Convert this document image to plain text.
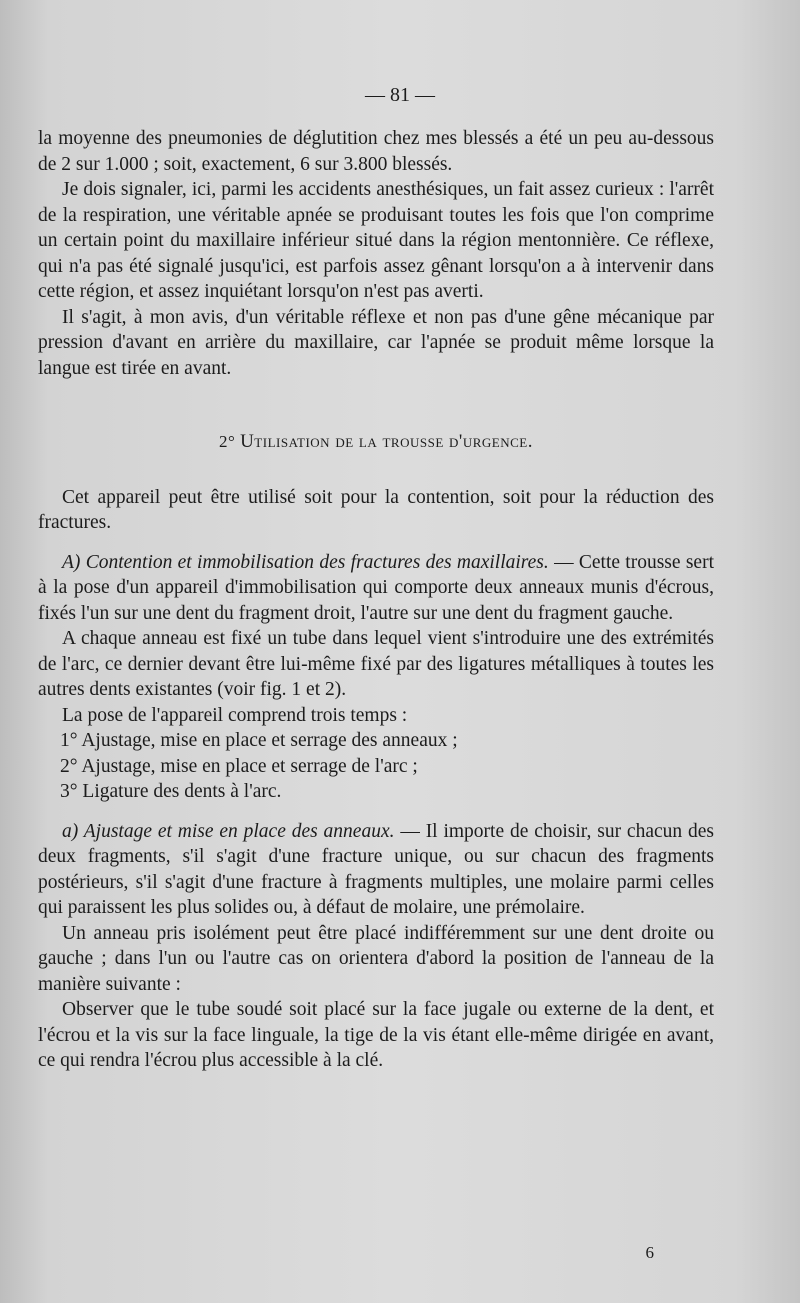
— 81 —

la moyenne des pneumonies de déglutition chez mes blessés a été un peu au-dessous de 2 sur 1.000 ; soit, exactement, 6 sur 3.800 blessés.

Je dois signaler, ici, parmi les accidents anesthésiques, un fait assez curieux : l'arrêt de la respiration, une véritable apnée se produisant toutes les fois que l'on comprime un certain point du maxillaire inférieur situé dans la région mentonnière. Ce réflexe, qui n'a pas été signalé jusqu'ici, est parfois assez gênant lorsqu'on a à intervenir dans cette région, et assez inquiétant lorsqu'on n'est pas averti.

Il s'agit, à mon avis, d'un véritable réflexe et non pas d'une gêne mécanique par pression d'avant en arrière du maxillaire, car l'apnée se produit même lorsque la langue est tirée en avant.

2° Utilisation de la trousse d'urgence.

Cet appareil peut être utilisé soit pour la contention, soit pour la réduction des fractures.

A) Contention et immobilisation des fractures des maxillaires. — Cette trousse sert à la pose d'un appareil d'immobilisation qui comporte deux anneaux munis d'écrous, fixés l'un sur une dent du fragment droit, l'autre sur une dent du fragment gauche.

A chaque anneau est fixé un tube dans lequel vient s'introduire une des extrémités de l'arc, ce dernier devant être lui-même fixé par des ligatures métalliques à toutes les autres dents existantes (voir fig. 1 et 2).

La pose de l'appareil comprend trois temps :

1° Ajustage, mise en place et serrage des anneaux ;

2° Ajustage, mise en place et serrage de l'arc ;

3° Ligature des dents à l'arc.

a) Ajustage et mise en place des anneaux. — Il importe de choisir, sur chacun des deux fragments, s'il s'agit d'une fracture unique, ou sur chacun des fragments postérieurs, s'il s'agit d'une fracture à fragments multiples, une molaire parmi celles qui paraissent les plus solides ou, à défaut de molaire, une prémolaire.

Un anneau pris isolément peut être placé indifféremment sur une dent droite ou gauche ; dans l'un ou l'autre cas on orientera d'abord la position de l'anneau de la manière suivante :

Observer que le tube soudé soit placé sur la face jugale ou externe de la dent, et l'écrou et la vis sur la face linguale, la tige de la vis étant elle-même dirigée en avant, ce qui rendra l'écrou plus accessible à la clé.

6
